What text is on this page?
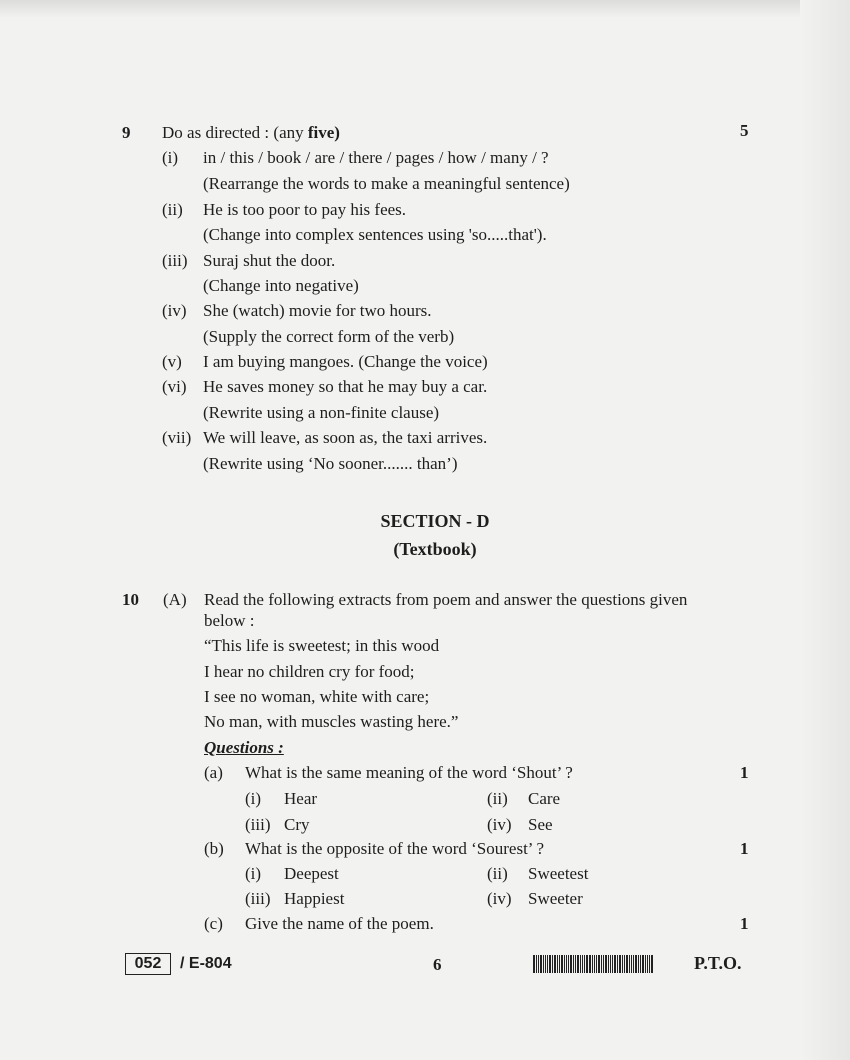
9 Do as directed : (any five)	5
(i) in / this / book / are / there / pages / how / many / ?
(Rearrange the words to make a meaningful sentence)
(ii) He is too poor to pay his fees.
(Change into complex sentences using 'so.....that').
(iii) Suraj shut the door.
(Change into negative)
(iv) She (watch) movie for two hours.
(Supply the correct form of the verb)
(v) I am buying mangoes. (Change the voice)
(vi) He saves money so that he may buy a car.
(Rewrite using a non-finite clause)
(vii) We will leave, as soon as, the taxi arrives.
(Rewrite using ‘No sooner....... than’)
SECTION - D
(Textbook)
10 (A) Read the following extracts from poem and answer the questions given
below :
“This life is sweetest; in this wood
I hear no children cry for food;
I see no woman, white with care;
No man, with muscles wasting here.”
Questions :
(a) What is the same meaning of the word ‘Shout’ ?	1
(i) Hear	(ii) Care
(iii) Cry	(iv) See
(b) What is the opposite of the word ‘Sourest’ ?	1
(i) Deepest	(ii) Sweetest
(iii) Happiest	(iv) Sweeter
(c) Give the name of the poem.	1
052	/ E-804	6	P.T.O.
